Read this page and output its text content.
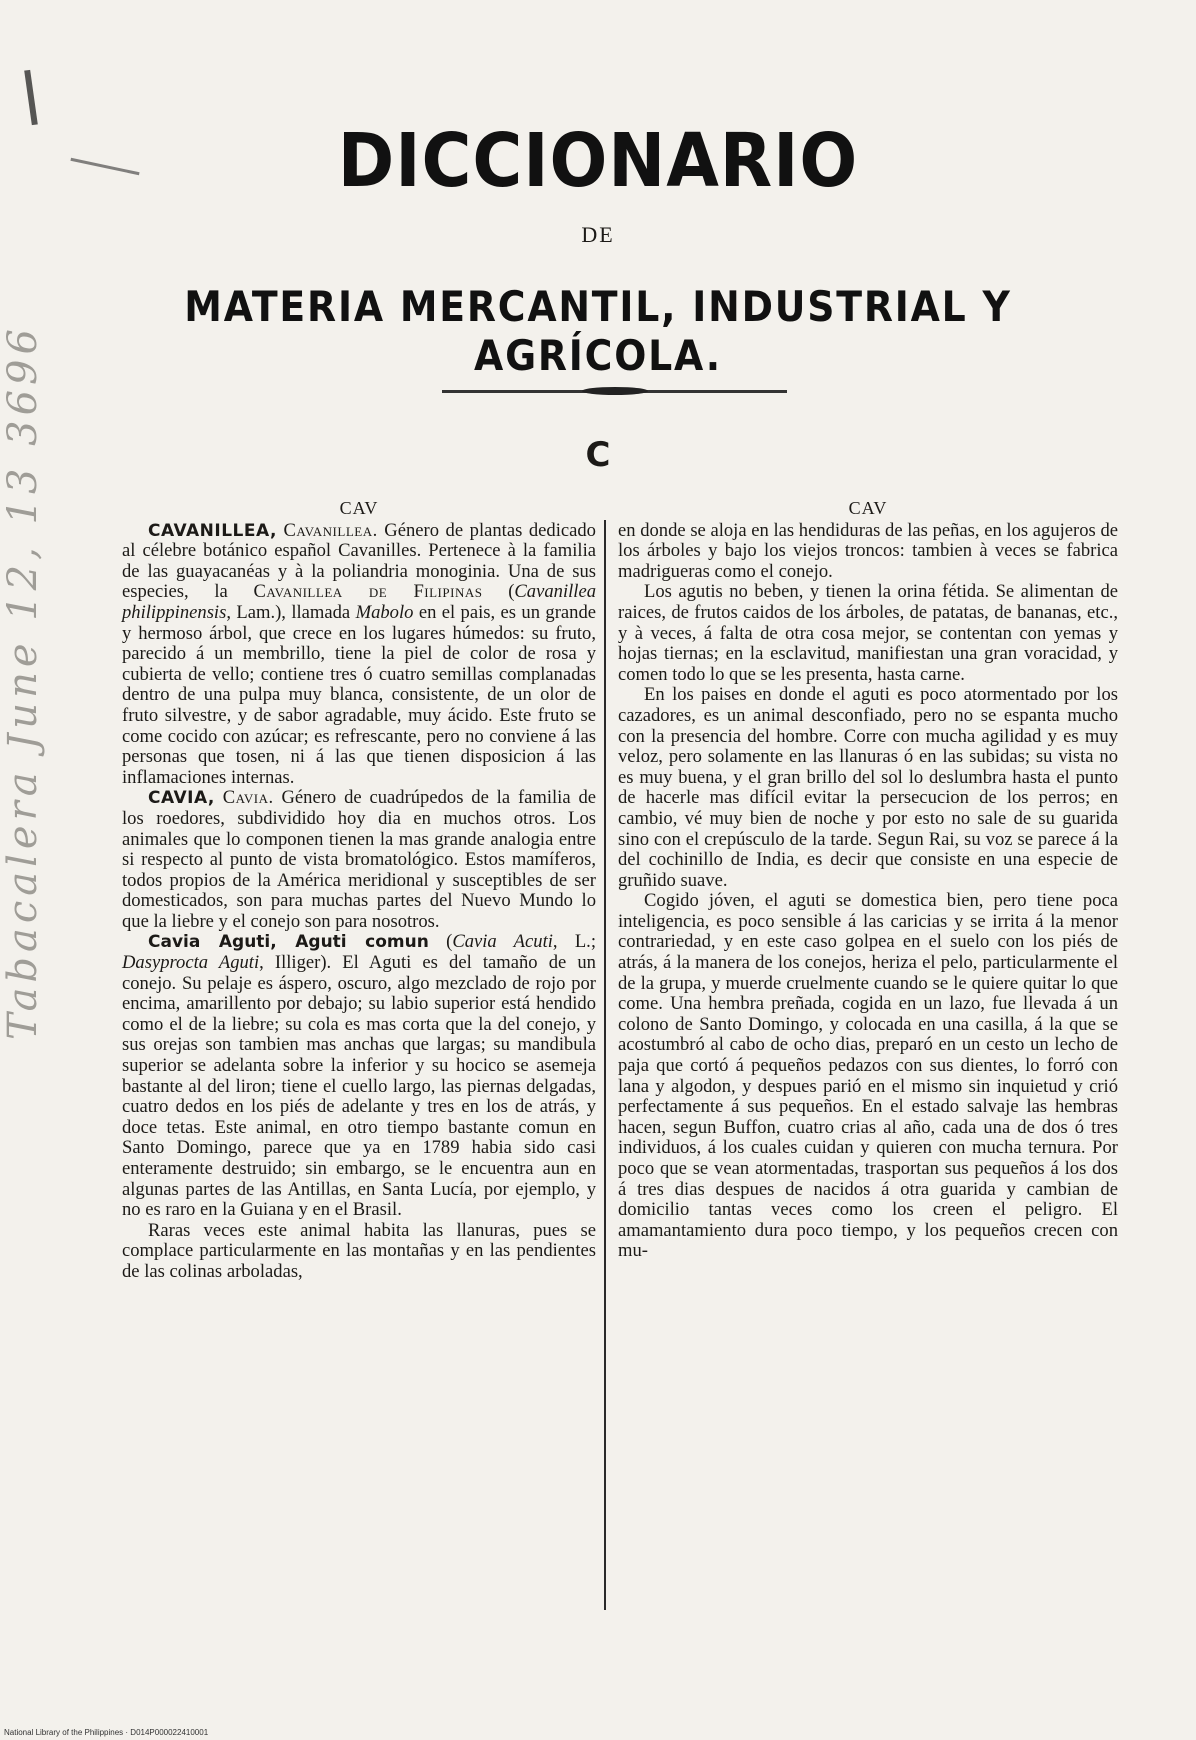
Tabacalera June 12, 13 3696
DICCIONARIO
DE
MATERIA MERCANTIL, INDUSTRIAL Y AGRÍCOLA.
C
CAV

CAVANILLEA, Cavanillea. Género de plantas dedicado al célebre botánico español Cavanilles. Pertenece à la familia de las guayacanéas y à la poliandria monoginia. Una de sus especies, la Cavanillea de Filipinas (Cavanillea philippinensis, Lam.), llamada Mabolo en el pais, es un grande y hermoso árbol, que crece en los lugares húmedos: su fruto, parecido á un membrillo, tiene la piel de color de rosa y cubierta de vello; contiene tres ó cuatro semillas complanadas dentro de una pulpa muy blanca, consistente, de un olor de fruto silvestre, y de sabor agradable, muy ácido. Este fruto se come cocido con azúcar; es refrescante, pero no conviene á las personas que tosen, ni á las que tienen disposicion á las inflamaciones internas.

CAVIA, Cavia. Género de cuadrúpedos de la familia de los roedores, subdividido hoy dia en muchos otros. Los animales que lo componen tienen la mas grande analogia entre si respecto al punto de vista bromatológico. Estos mamíferos, todos propios de la América meridional y susceptibles de ser domesticados, son para muchas partes del Nuevo Mundo lo que la liebre y el conejo son para nosotros.

Cavia Aguti, Aguti comun (Cavia Acuti, L.; Dasyprocta Aguti, Illiger). El Aguti es del tamaño de un conejo. Su pelaje es áspero, oscuro, algo mezclado de rojo por encima, amarillento por debajo; su labio superior está hendido como el de la liebre; su cola es mas corta que la del conejo, y sus orejas son tambien mas anchas que largas; su mandibula superior se adelanta sobre la inferior y su hocico se asemeja bastante al del liron; tiene el cuello largo, las piernas delgadas, cuatro dedos en los piés de adelante y tres en los de atrás, y doce tetas. Este animal, en otro tiempo bastante comun en Santo Domingo, parece que ya en 1789 habia sido casi enteramente destruido; sin embargo, se le encuentra aun en algunas partes de las Antillas, en Santa Lucía, por ejemplo, y no es raro en la Guiana y en el Brasil.

Raras veces este animal habita las llanuras, pues se complace particularmente en las montañas y en las pendientes de las colinas arboladas,

CAV

en donde se aloja en las hendiduras de las peñas, en los agujeros de los árboles y bajo los viejos troncos: tambien à veces se fabrica madrigueras como el conejo.

Los agutis no beben, y tienen la orina fétida. Se alimentan de raices, de frutos caidos de los árboles, de patatas, de bananas, etc., y à veces, á falta de otra cosa mejor, se contentan con yemas y hojas tiernas; en la esclavitud, manifiestan una gran voracidad, y comen todo lo que se les presenta, hasta carne.

En los paises en donde el aguti es poco atormentado por los cazadores, es un animal desconfiado, pero no se espanta mucho con la presencia del hombre. Corre con mucha agilidad y es muy veloz, pero solamente en las llanuras ó en las subidas; su vista no es muy buena, y el gran brillo del sol lo deslumbra hasta el punto de hacerle mas difícil evitar la persecucion de los perros; en cambio, vé muy bien de noche y por esto no sale de su guarida sino con el crepúsculo de la tarde. Segun Rai, su voz se parece á la del cochinillo de India, es decir que consiste en una especie de gruñido suave.

Cogido jóven, el aguti se domestica bien, pero tiene poca inteligencia, es poco sensible á las caricias y se irrita á la menor contrariedad, y en este caso golpea en el suelo con los piés de atrás, á la manera de los conejos, heriza el pelo, particularmente el de la grupa, y muerde cruelmente cuando se le quiere quitar lo que come. Una hembra preñada, cogida en un lazo, fue llevada á un colono de Santo Domingo, y colocada en una casilla, á la que se acostumbró al cabo de ocho dias, preparó en un cesto un lecho de paja que cortó á pequeños pedazos con sus dientes, lo forró con lana y algodon, y despues parió en el mismo sin inquietud y crió perfectamente á sus pequeños. En el estado salvaje las hembras hacen, segun Buffon, cuatro crias al año, cada una de dos ó tres individuos, á los cuales cuidan y quieren con mucha ternura. Por poco que se vean atormentadas, trasportan sus pequeños á los dos á tres dias despues de nacidos á otra guarida y cambian de domicilio tantas veces como los creen el peligro. El amamantamiento dura poco tiempo, y los pequeños crecen con mu-

National Library of the Philippines · D014P000022410001
